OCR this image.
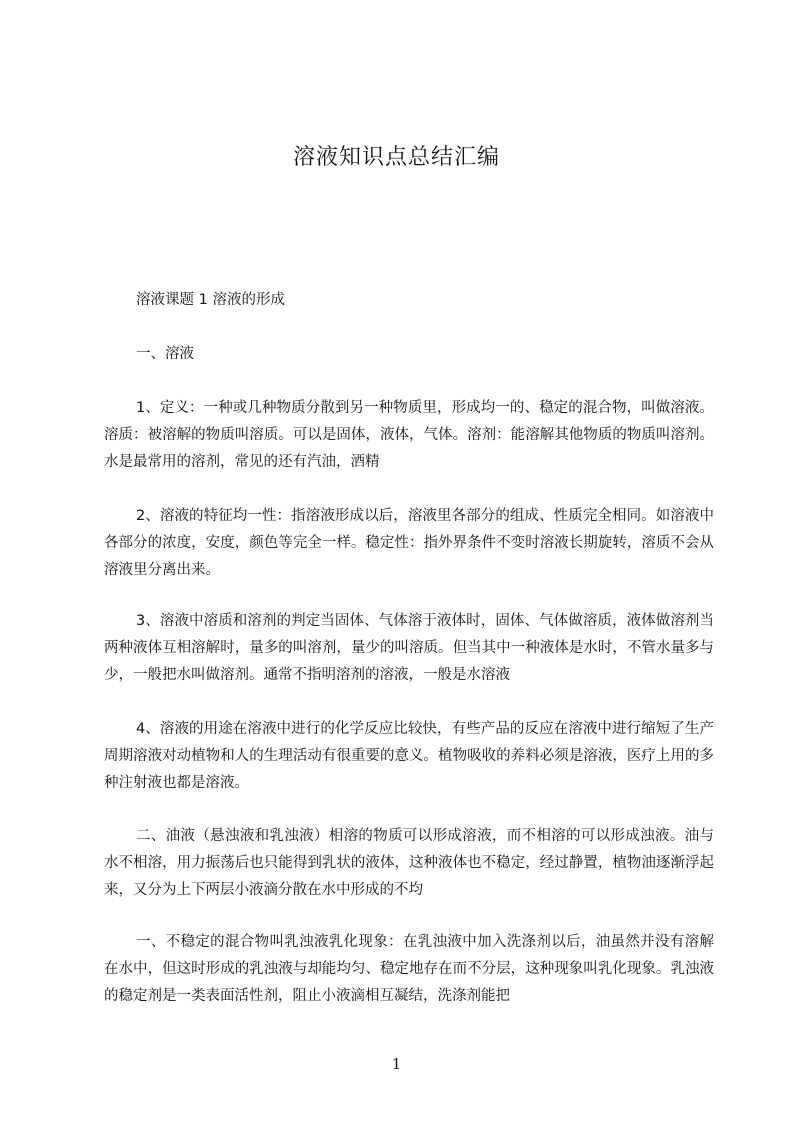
溶液知识点总结汇编
溶液课题 1 溶液的形成
一、溶液
1、定义：一种或几种物质分散到另一种物质里，形成均一的、稳定的混合物，叫做溶液。溶质：被溶解的物质叫溶质。可以是固体，液体，气体。溶剂：能溶解其他物质的物质叫溶剂。水是最常用的溶剂，常见的还有汽油，酒精
2、溶液的特征均一性：指溶液形成以后，溶液里各部分的组成、性质完全相同。如溶液中各部分的浓度，安度，颜色等完全一样。稳定性：指外界条件不变时溶液长期旋转，溶质不会从溶液里分离出来。
3、溶液中溶质和溶剂的判定当固体、气体溶于液体时，固体、气体做溶质，液体做溶剂当两种液体互相溶解时，量多的叫溶剂，量少的叫溶质。但当其中一种液体是水时，不管水量多与少，一般把水叫做溶剂。通常不指明溶剂的溶液，一般是水溶液
4、溶液的用途在溶液中进行的化学反应比较快，有些产品的反应在溶液中进行缩短了生产周期溶液对动植物和人的生理活动有很重要的意义。植物吸收的养料必须是溶液，医疗上用的多种注射液也都是溶液。
二、油液（悬浊液和乳浊液）相溶的物质可以形成溶液，而不相溶的可以形成浊液。油与水不相溶，用力振荡后也只能得到乳状的液体，这种液体也不稳定，经过静置，植物油逐渐浮起来，又分为上下两层小液滴分散在水中形成的不均
一、不稳定的混合物叫乳浊液乳化现象：在乳浊液中加入洗涤剂以后，油虽然并没有溶解在水中，但这时形成的乳浊液与却能均匀、稳定地存在而不分层，这种现象叫乳化现象。乳浊液的稳定剂是一类表面活性剂，阻止小液滴相互凝结，洗涤剂能把
1
